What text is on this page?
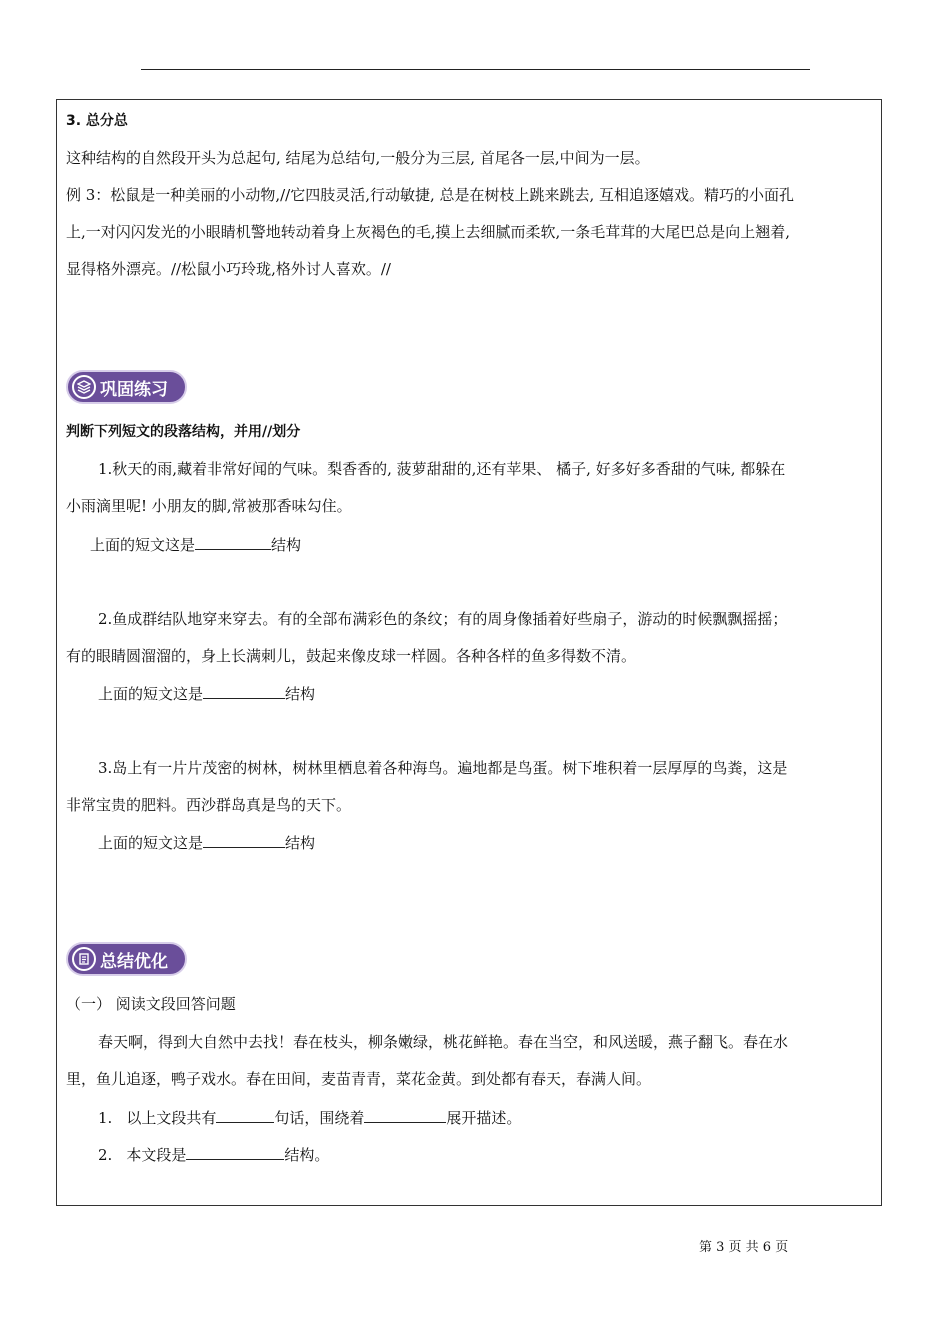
3. 总分总
这种结构的自然段开头为总起句, 结尾为总结句,一般分为三层, 首尾各一层,中间为一层。
例 3：松鼠是一种美丽的小动物,//它四肢灵活,行动敏捷, 总是在树枝上跳来跳去, 互相追逐嬉戏。精巧的小面孔
上,一对闪闪发光的小眼睛机警地转动着身上灰褐色的毛,摸上去细腻而柔软,一条毛茸茸的大尾巴总是向上翘着,
显得格外漂亮。//松鼠小巧玲珑,格外讨人喜欢。//
巩固练习
判断下列短文的段落结构，并用//划分
1.秋天的雨,藏着非常好闻的气味。梨香香的, 菠萝甜甜的,还有苹果、 橘子, 好多好多香甜的气味, 都躲在
小雨滴里呢! 小朋友的脚,常被那香味勾住。
上面的短文这是	结构
2.鱼成群结队地穿来穿去。有的全部布满彩色的条纹；有的周身像插着好些扇子，游动的时候飘飘摇摇；
有的眼睛圆溜溜的，身上长满刺儿，鼓起来像皮球一样圆。各种各样的鱼多得数不清。
上面的短文这是	结构
3.岛上有一片片茂密的树林，树林里栖息着各种海鸟。遍地都是鸟蛋。树下堆积着一层厚厚的鸟粪，这是
非常宝贵的肥料。西沙群岛真是鸟的天下。
上面的短文这是	结构
总结优化
（一） 阅读文段回答问题
春天啊，得到大自然中去找！春在枝头，柳条嫩绿，桃花鲜艳。春在当空，和风送暖，燕子翻飞。春在水
里，鱼儿追逐，鸭子戏水。春在田间，麦苗青青，菜花金黄。到处都有春天，春满人间。
1. 以上文段共有	句话，围绕着	展开描述。
2. 本文段是	结构。
第 3 页 共 6 页
